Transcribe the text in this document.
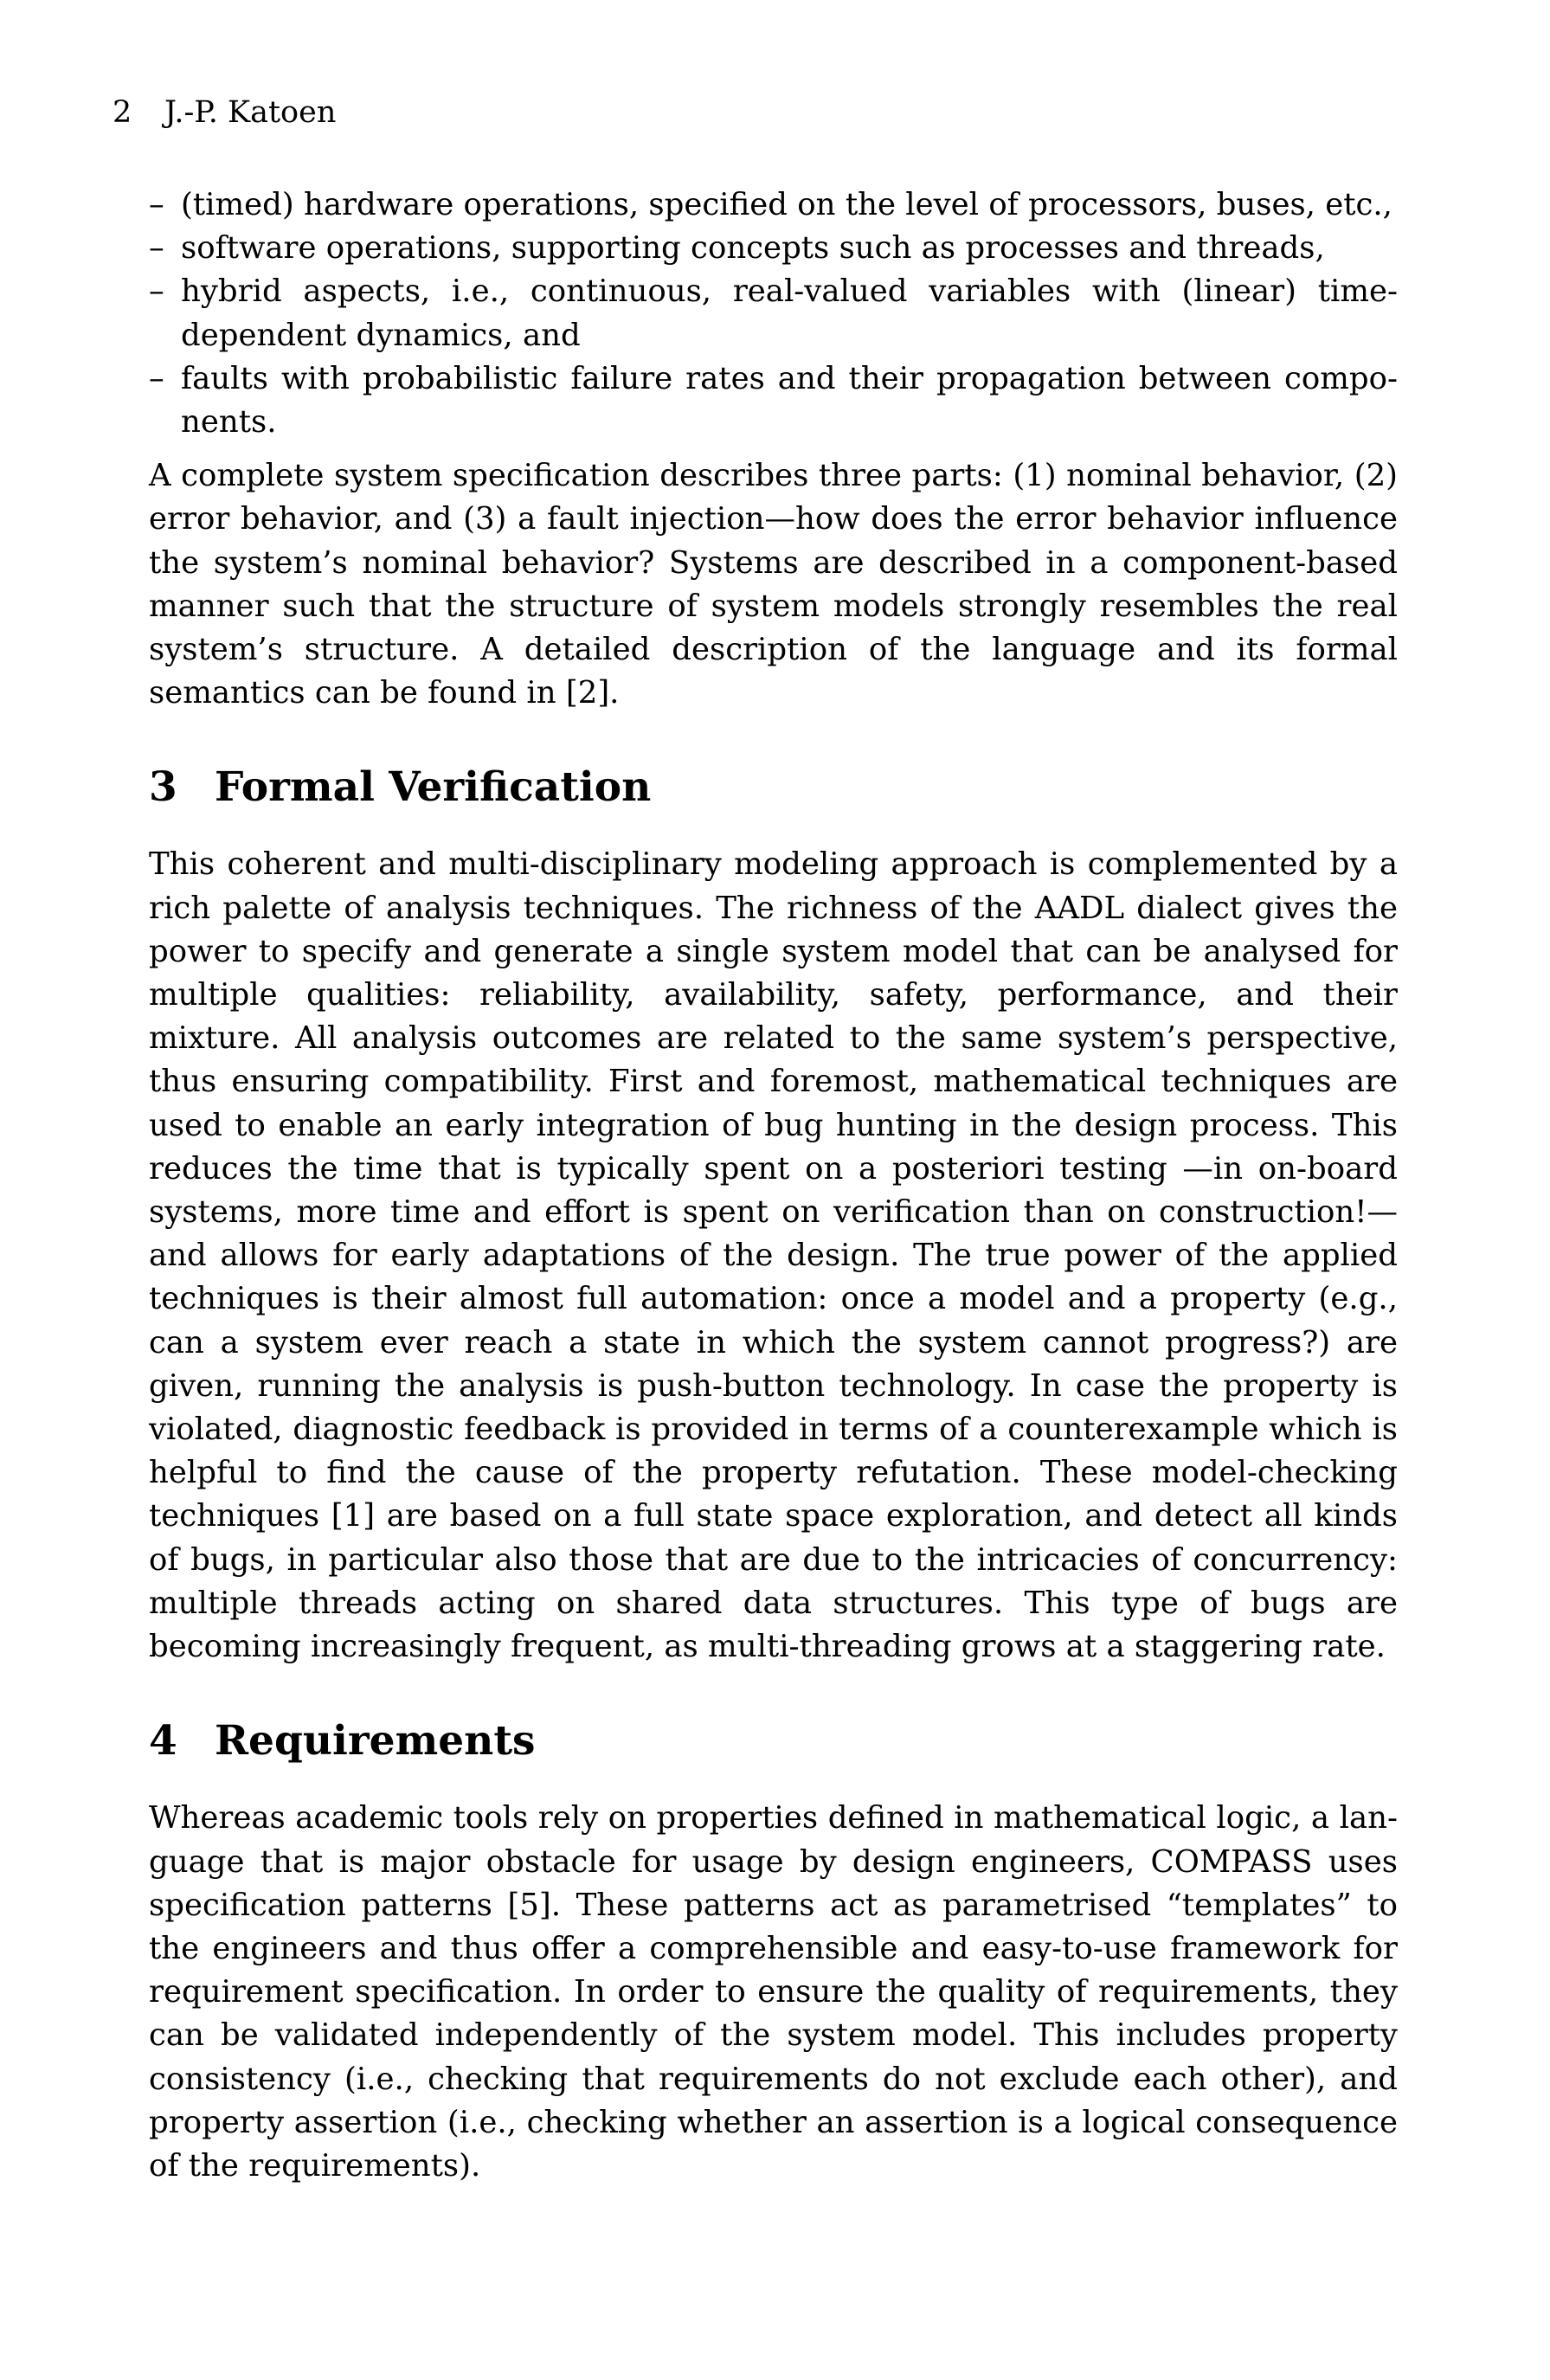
2 J.-P. Katoen
– (timed) hardware operations, specified on the level of processors, buses, etc.,
– software operations, supporting concepts such as processes and threads,
– hybrid aspects, i.e., continuous, real-valued variables with (linear) time-dependent dynamics, and
– faults with probabilistic failure rates and their propagation between components.

A complete system specification describes three parts: (1) nominal behavior, (2) error behavior, and (3) a fault injection—how does the error behavior influence the system’s nominal behavior? Systems are described in a component-based manner such that the structure of system models strongly resembles the real system’s structure. A detailed description of the language and its formal semantics can be found in [2].

3 Formal Verification

This coherent and multi-disciplinary modeling approach is complemented by a rich palette of analysis techniques. The richness of the AADL dialect gives the power to specify and generate a single system model that can be analysed for multiple qualities: reliability, availability, safety, performance, and their mixture. All analysis outcomes are related to the same system’s perspective, thus ensuring compatibility. First and foremost, mathematical techniques are used to enable an early integration of bug hunting in the design process. This reduces the time that is typically spent on a posteriori testing —in on-board systems, more time and effort is spent on verification than on construction!— and allows for early adaptations of the design. The true power of the applied techniques is their almost full automation: once a model and a property (e.g., can a system ever reach a state in which the system cannot progress?) are given, running the analysis is push-button technology. In case the property is violated, diagnostic feedback is provided in terms of a counterexample which is helpful to find the cause of the property refutation. These model-checking techniques [1] are based on a full state space exploration, and detect all kinds of bugs, in particular also those that are due to the intricacies of concurrency: multiple threads acting on shared data structures. This type of bugs are becoming increasingly frequent, as multi-threading grows at a staggering rate.

4 Requirements

Whereas academic tools rely on properties defined in mathematical logic, a language that is major obstacle for usage by design engineers, COMPASS uses specification patterns [5]. These patterns act as parametrised “templates” to the engineers and thus offer a comprehensible and easy-to-use framework for requirement specification. In order to ensure the quality of requirements, they can be validated independently of the system model. This includes property consistency (i.e., checking that requirements do not exclude each other), and property assertion (i.e., checking whether an assertion is a logical consequence of the requirements).
